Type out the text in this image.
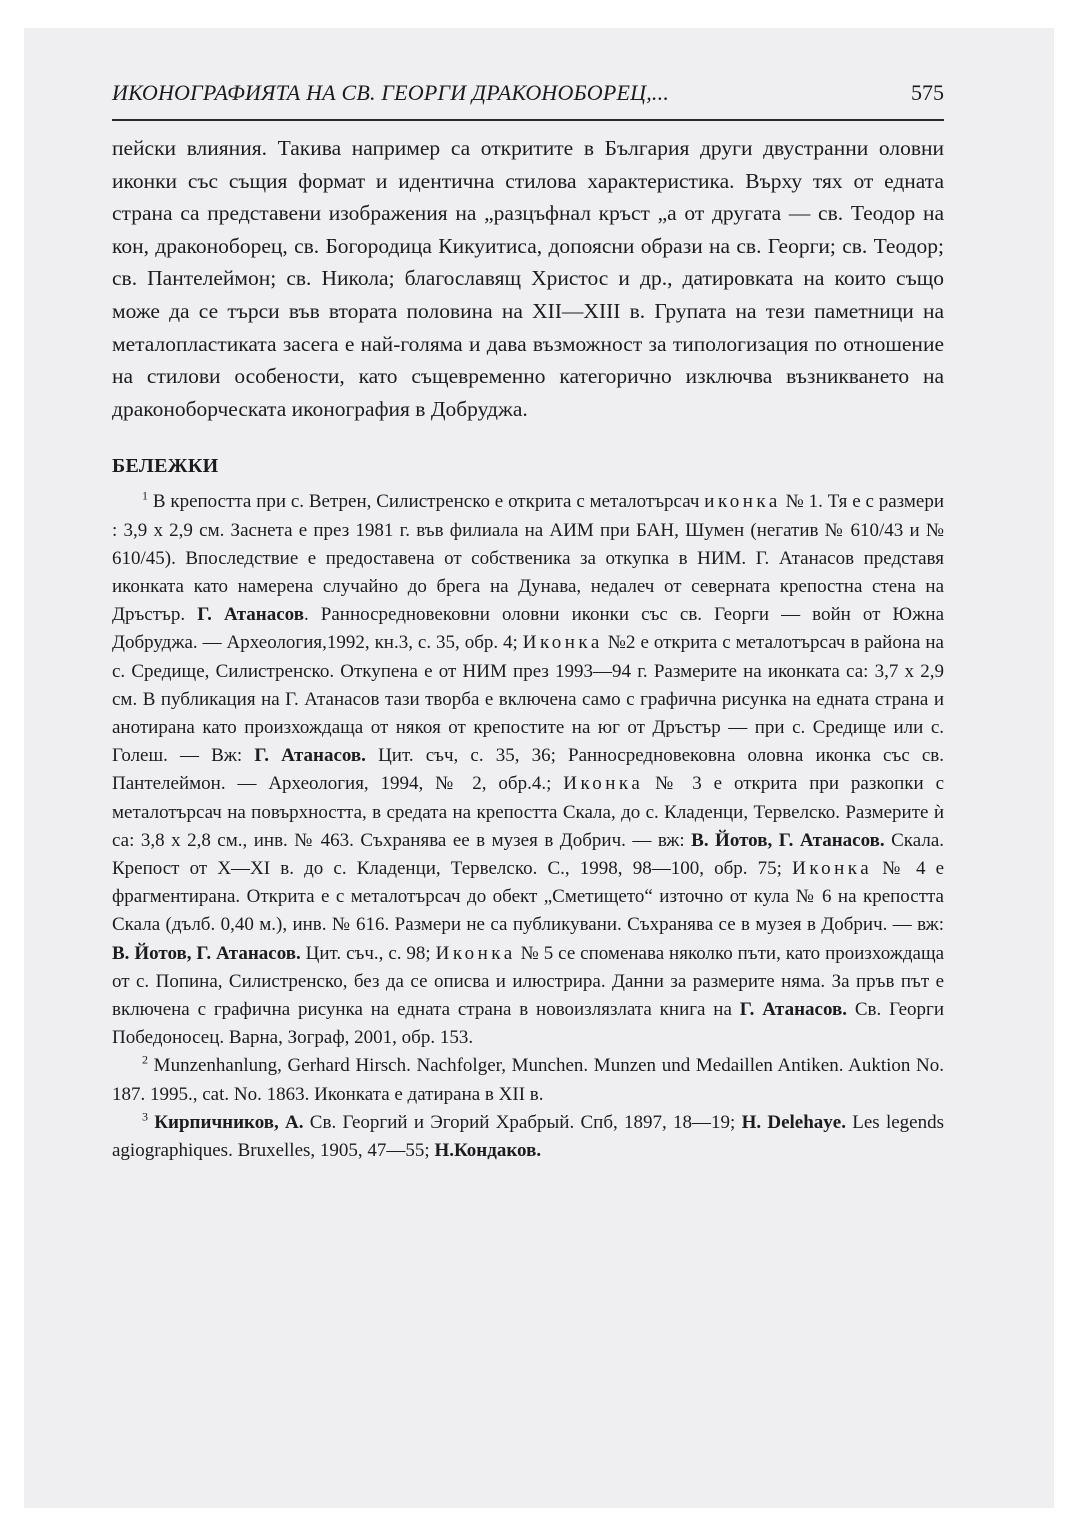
ИКОНОГРАФИЯТА НА СВ. ГЕОРГИ ДРАКОНОБОРЕЦ,...	575

пейски влияния. Такива например са откритите в България други двустранни оловни иконки със същия формат и идентична стилова характеристика. Върху тях от едната страна са представени изображения на „разцъфнал кръст „а от другата — св. Теодор на кон, драконоборец, св. Богородица Кикуитиса, допоясни образи на св. Георги; св. Теодор; св. Пантелеймон; св. Никола; благославящ Христос и др., датировката на които също може да се търси във втората половина на XII—XIII в. Групата на тези паметници на металопластиката засега е най-голяма и дава възможност за типологизация по отношение на стилови особености, като същевременно категорично изключва възникването на драконоборческата иконография в Добруджа.

БЕЛЕЖКИ

$^1$ В крепостта при с. Ветрен, Силистренско е открита с металотърсач иконка № 1. Тя е с размери : 3,9 х 2,9 см. Заснета е през 1981 г. във филиала на АИМ при БАН, Шумен (негатив № 610/43 и № 610/45). Впоследствие е предоставена от собственика за откупка в НИМ. Г. Атанасов представя иконката като намерена случайно до брега на Дунава, недалеч от северната крепостна стена на Дръстър. Г. Атанасов. Ранносредновековни оловни иконки със св. Георги — войн от Южна Добруджа. — Археология,1992, кн.3, с. 35, обр. 4; Иконка №2 е открита с металотърсач в района на с. Средище, Силистренско. Откупена е от НИМ през 1993—94 г. Размерите на иконката са: 3,7 х 2,9 см. В публикация на Г. Атанасов тази творба е включена само с графична рисунка на едната страна и анотирана като произхождаща от някоя от крепостите на юг от Дръстър — при с. Средище или с. Голеш. — Вж: Г. Атанасов. Цит. съч, с. 35, 36; Ранносредновековна оловна иконка със св. Пантелеймон. — Археология, 1994, № 2, обр.4.; Иконка № 3 е открита при разкопки с металотърсач на повърхността, в средата на крепостта Скала, до с. Кладенци, Тервелско. Размерите ѝ са: 3,8 х 2,8 см., инв. № 463. Съхранява ее в музея в Добрич. — вж: В. Йотов, Г. Атанасов. Скала. Крепост от X—XI в. до с. Кладенци, Тервелско. С., 1998, 98—100, обр. 75; Иконка № 4 е фрагментирана. Открита е с металотърсач до обект „Сметището“ източно от кула № 6 на крепостта Скала (дълб. 0,40 м.), инв. № 616. Размери не са публикувани. Съхранява се в музея в Добрич. — вж: В. Йотов, Г. Атанасов. Цит. съч., с. 98; Иконка № 5 се споменава няколко пъти, като произхождаща от с. Попина, Силистренско, без да се описва и илюстрира. Данни за размерите няма. За пръв път е включена с графична рисунка на едната страна в новоизлязлата книга на Г. Атанасов. Св. Георги Победоносец. Варна, Зограф, 2001, обр. 153.

$^2$ Munzenhanlung, Gerhard Hirsch. Nachfolger, Munchen. Munzen und Medaillen Antiken. Auktion No. 187. 1995., cat. No. 1863. Иконката е датирана в XII в.

$^3$ Кирпичников, А. Св. Георгий и Эгорий Храбрый. Спб, 1897, 18—19; H. Delehaye. Les legends agiographiques. Bruxelles, 1905, 47—55; Н.Кондаков.
